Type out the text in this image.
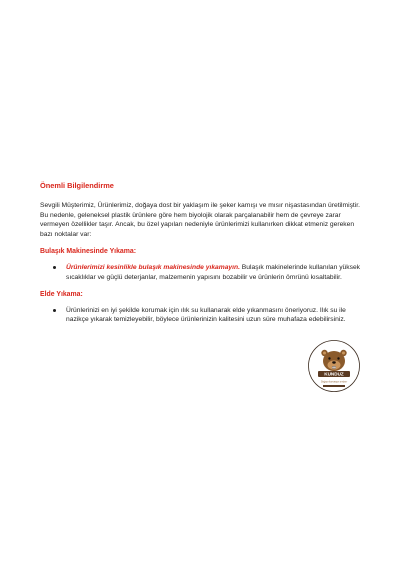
Önemli Bilgilendirme
Sevgili Müşterimiz, Ürünlerimiz, doğaya dost bir yaklaşım ile şeker kamışı ve mısır nişastasından üretilmiştir. Bu nedenle, geleneksel plastik ürünlere göre hem biyolojik olarak parçalanabilir hem de çevreye zarar vermeyen özellikler taşır. Ancak, bu özel yapıları nedeniyle ürünlerimizi kullanırken dikkat etmeniz gereken bazı noktalar var:
Bulaşık Makinesinde Yıkama:
Ürünlerimizi kesinlikle bulaşık makinesinde yıkamayın. Bulaşık makinelerinde kullanılan yüksek sıcaklıklar ve güçlü deterjanlar, malzemenin yapısını bozabilir ve ürünlerin ömrünü kısaltabilir.
Elde Yıkama:
Ürünlerinizi en iyi şekilde korumak için ılık su kullanarak elde yıkanmasını öneriyoruz. Ilık su ile nazikçe yıkarak temizleyebilir, böylece ürünlerinizin kalitesini uzun süre muhafaza edebilirsiniz.
KUNDUZ
Doğayı korumayı seviyor
